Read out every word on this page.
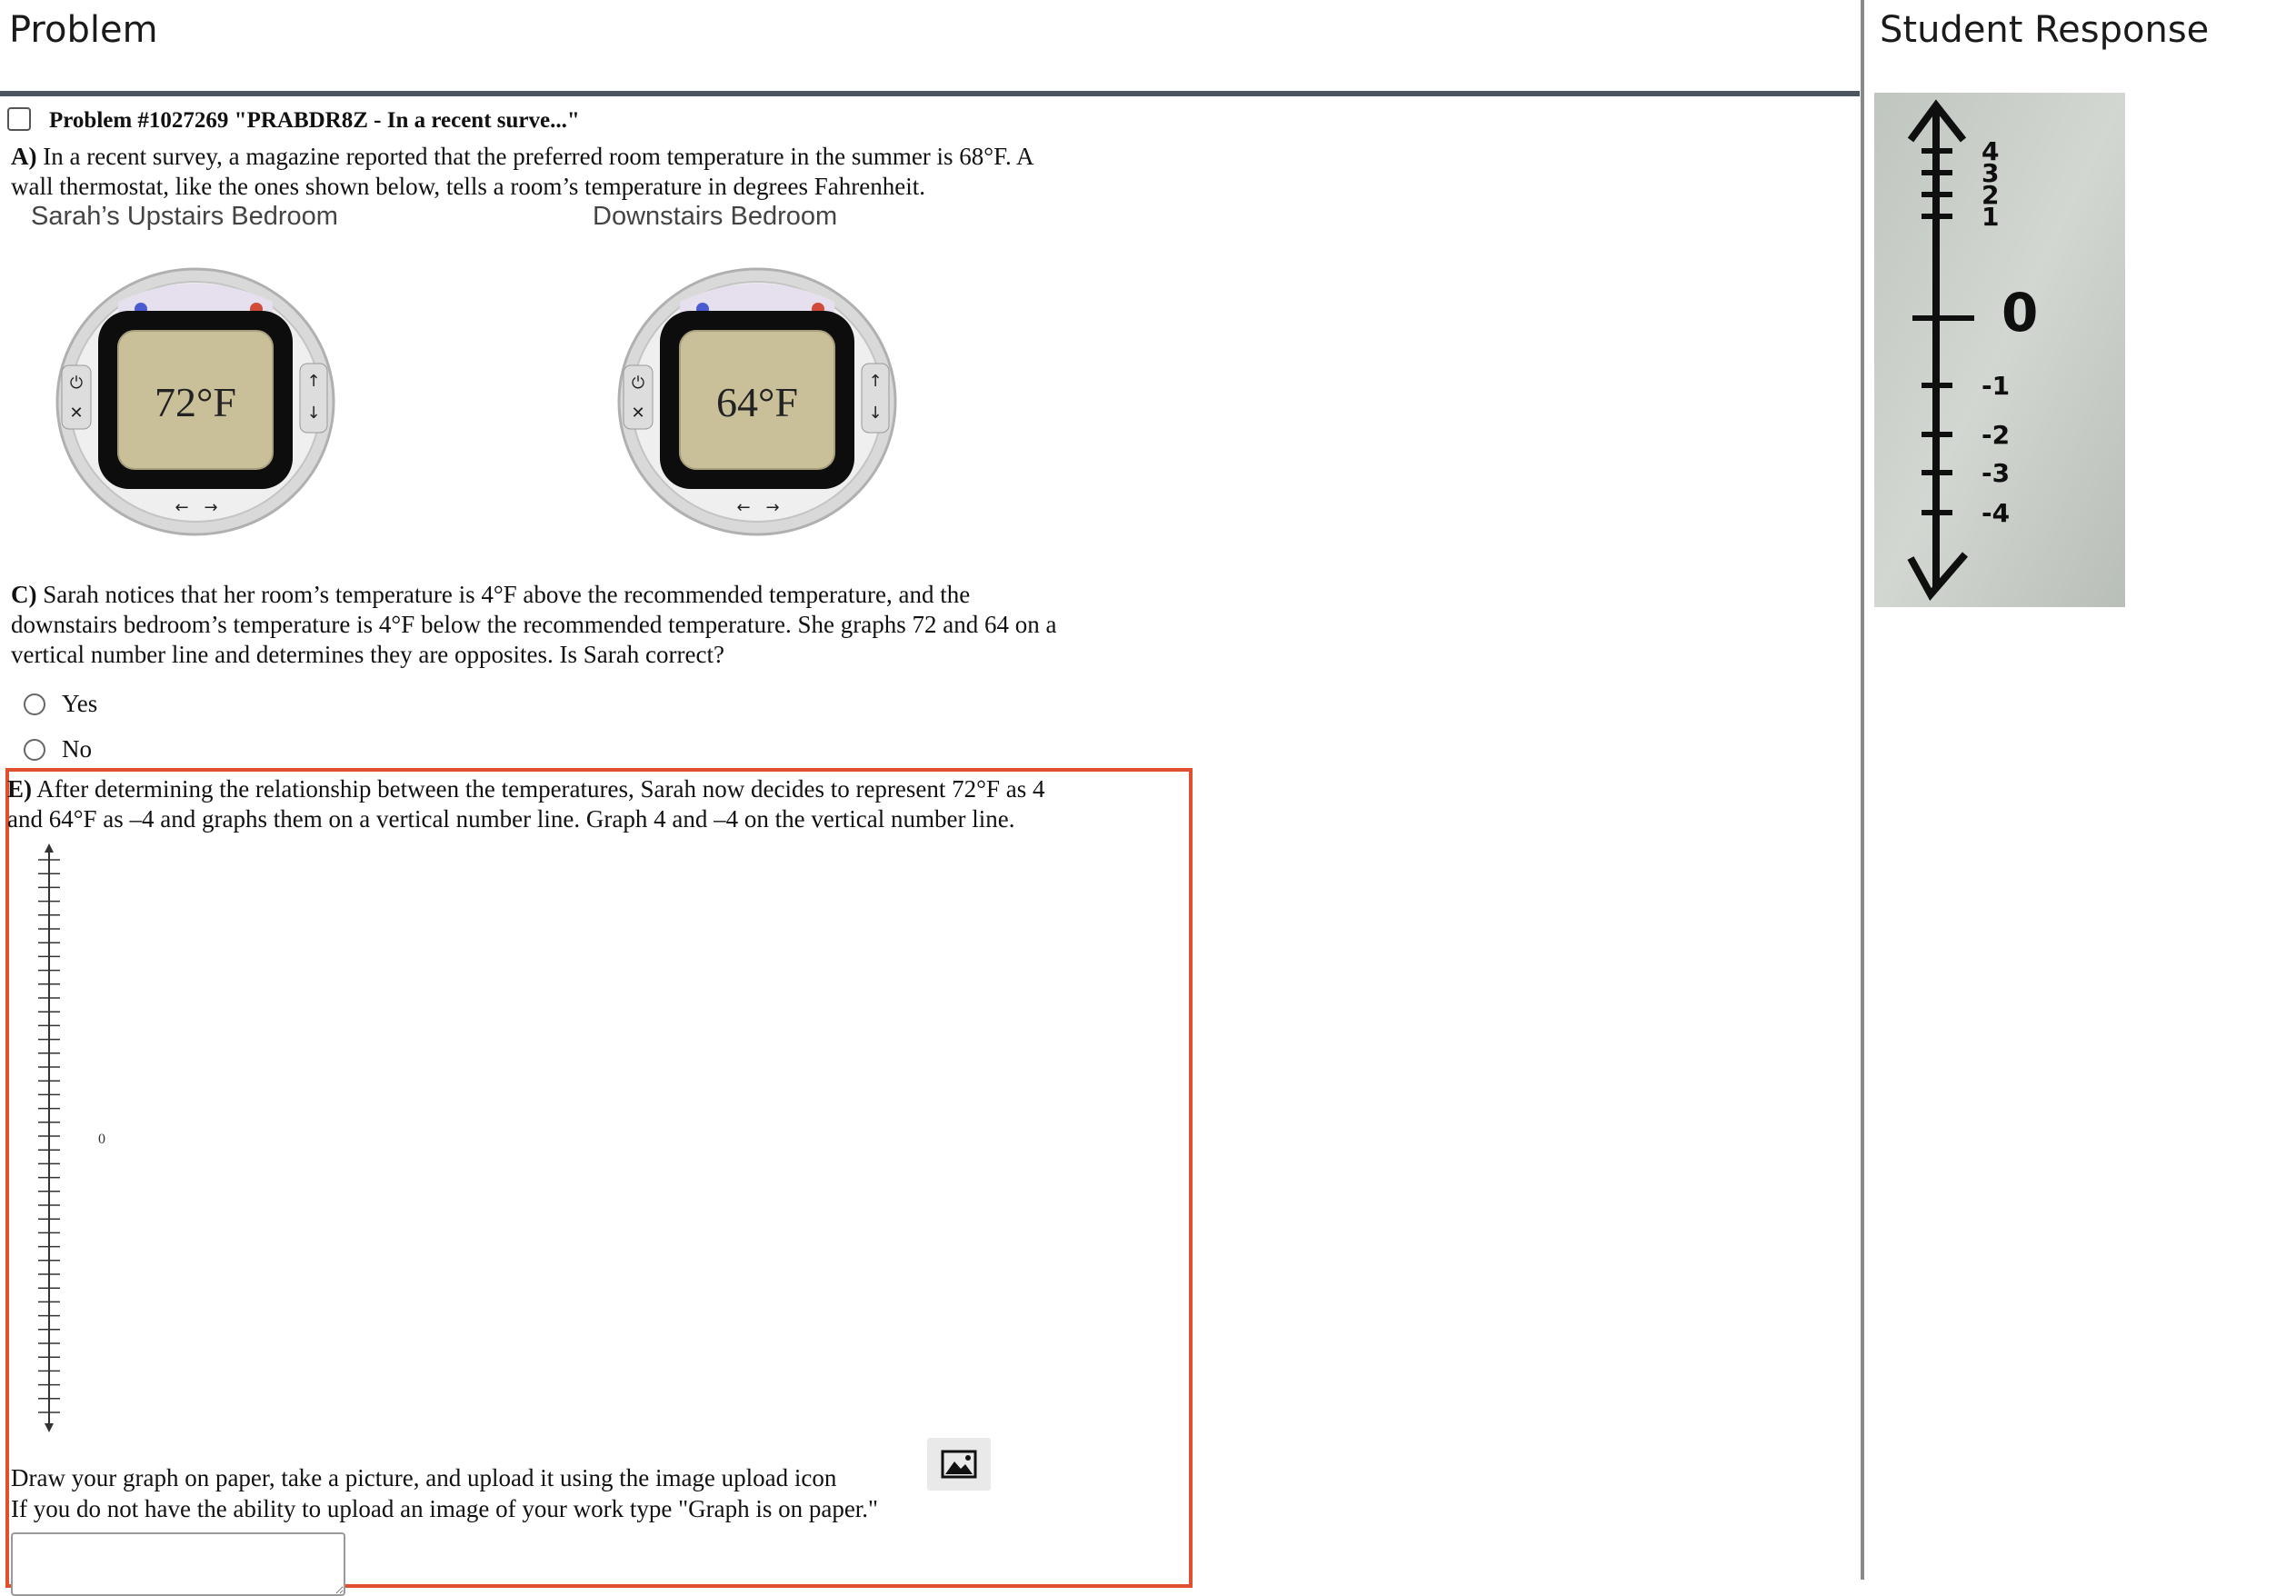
Problem
Problem #1027269 "PRABDR8Z - In a recent surve..."
A) In a recent survey, a magazine reported that the preferred room temperature in the summer is 68°F. A
wall thermostat, like the ones shown below, tells a room’s temperature in degrees Fahrenheit.
Sarah’s Upstairs Bedroom	Downstairs Bedroom
72°F
⏻
✕
↑
↓
← →
64°F
⏻
✕
↑
↓
← →
C) Sarah notices that her room’s temperature is 4°F above the recommended temperature, and the
downstairs bedroom’s temperature is 4°F below the recommended temperature. She graphs 72 and 64 on a
vertical number line and determines they are opposites. Is Sarah correct?
Yes
No
E) After determining the relationship between the temperatures, Sarah now decides to represent 72°F as 4
and 64°F as –4 and graphs them on a vertical number line. Graph 4 and –4 on the vertical number line.
0
Draw your graph on paper, take a picture, and upload it using the image upload icon
If you do not have the ability to upload an image of your work type "Graph is on paper."
Student Response
4
3
2
1
0
-1
-2
-3
-4
